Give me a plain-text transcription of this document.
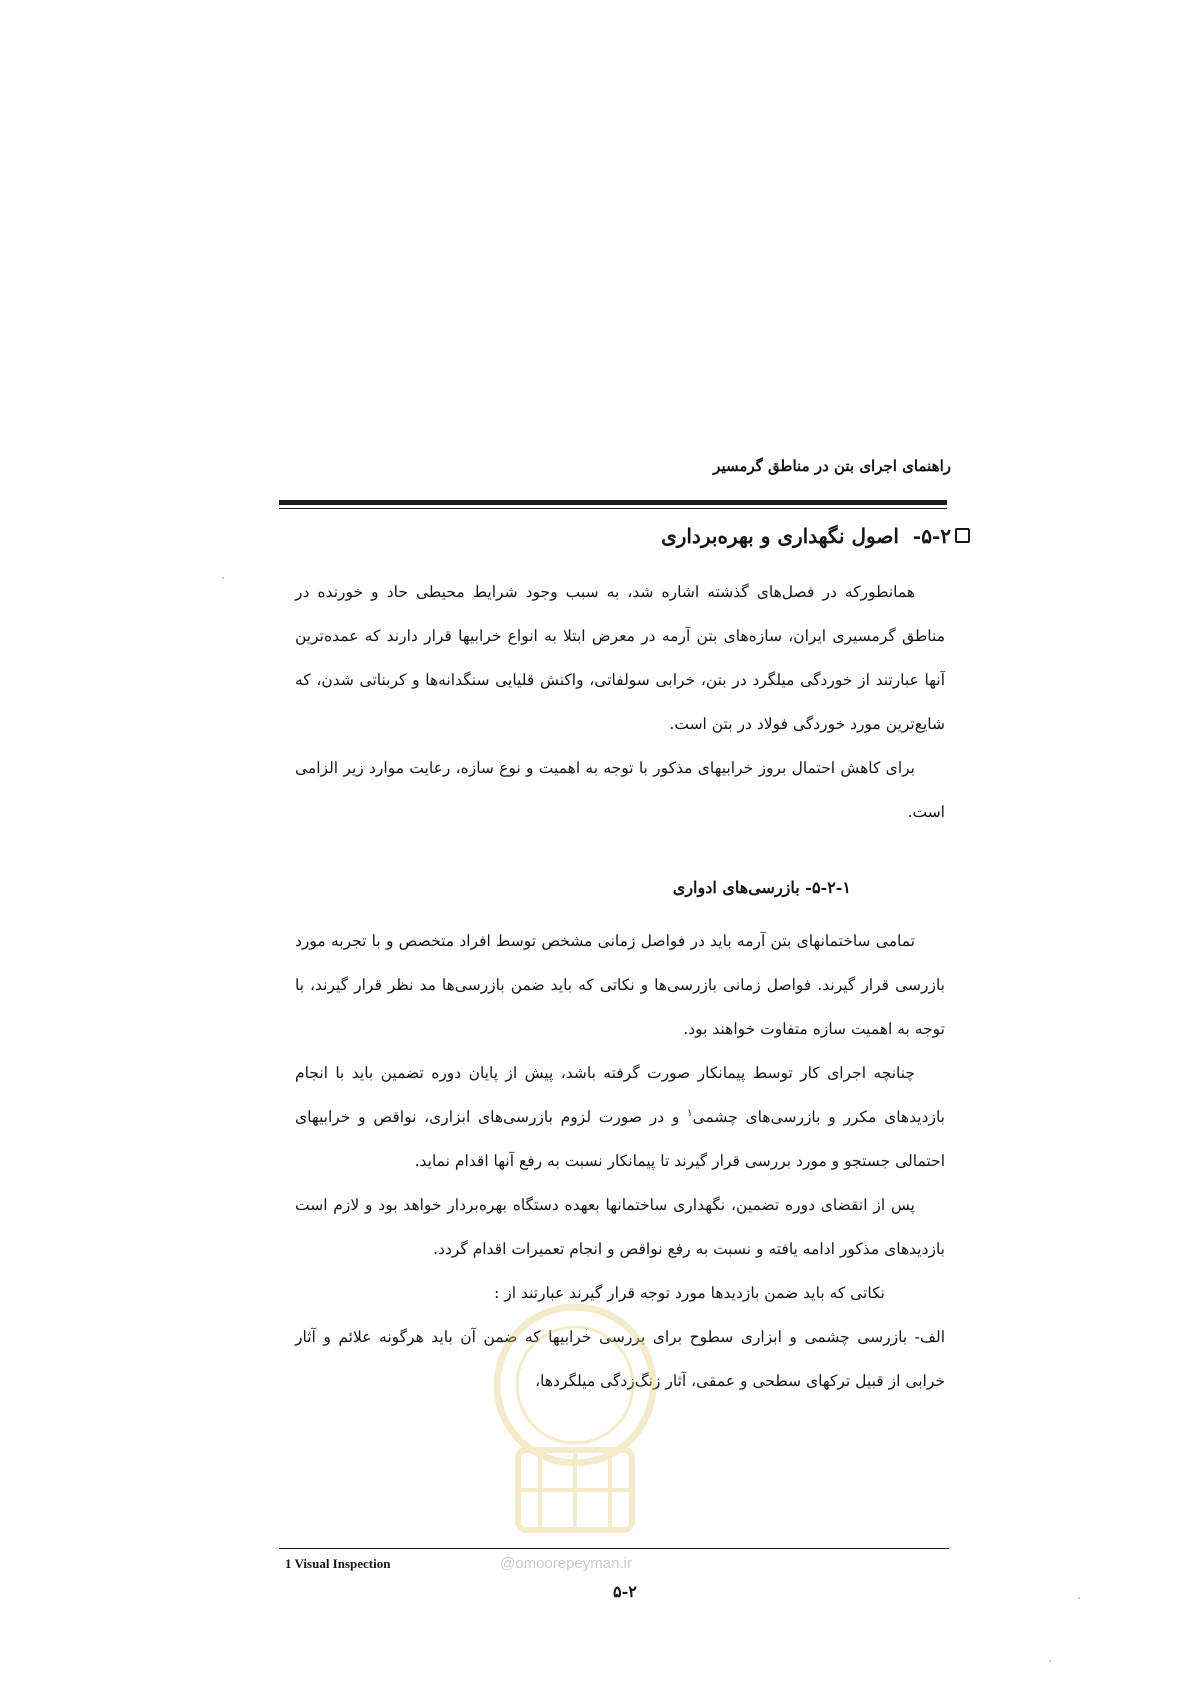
راهنمای اجرای بتن در مناطق گرمسیر
۵-۲-
اصول نگهداری و بهره‌برداری

همانطورکه در فصل‌های گذشته اشاره شد، به سبب وجود شرایط محیطی حاد و خورنده در مناطق گرمسیری ایران، سازه‌های بتن آرمه در معرض ابتلا به انواع خرابیها قرار دارند که عمده‌ترین آنها عبارتند از خوردگی میلگرد در بتن، خرابی سولفاتی، واکنش قلیایی سنگدانه‌ها و کربناتی شدن، که شایع‌ترین مورد خوردگی فولاد در بتن است.

برای کاهش احتمال بروز خرابیهای مذکور با توجه به اهمیت و نوع سازه، رعایت موارد زیر الزامی است.

۵-۲-۱- بازرسی‌های ادواری

تمامی ساختمانهای بتن آرمه باید در فواصل زمانی مشخص توسط افراد متخصص و با تجربه مورد بازرسی قرار گیرند. فواصل زمانی بازرسی‌ها و نکاتی که باید ضمن بازرسی‌ها مد نظر قرار گیرند، با توجه به اهمیت سازه متفاوت خواهند بود.

چنانچه اجرای کار توسط پیمانکار صورت گرفته باشد، پیش از پایان دوره تضمین باید با انجام بازدیدهای مکرر و بازرسی‌های چشمی$^۱$ و در صورت لزوم بازرسی‌های ابزاری، نواقص و خرابیهای احتمالی جستجو و مورد بررسی قرار گیرند تا پیمانکار نسبت به رفع آنها اقدام نماید.

پس از انقضای دوره تضمین، نگهداری ساختمانها بعهده دستگاه بهره‌بردار خواهد بود و لازم است بازدیدهای مذکور ادامه یافته و نسبت به رفع نواقص و انجام تعمیرات اقدام گردد.

نکاتی که باید ضمن بازدیدها مورد توجه قرار گیرند عبارتند از :

الف- بازرسی چشمی و ابزاری سطوح برای بررسی خرابیها که ضمن آن باید هرگونه علائم و آثار خرابی از قبیل ترکهای سطحی و عمقی، آثار زنگ‌زدگی میلگردها،

@omoorepeyman.ir
1 Visual Inspection
۵-۲
